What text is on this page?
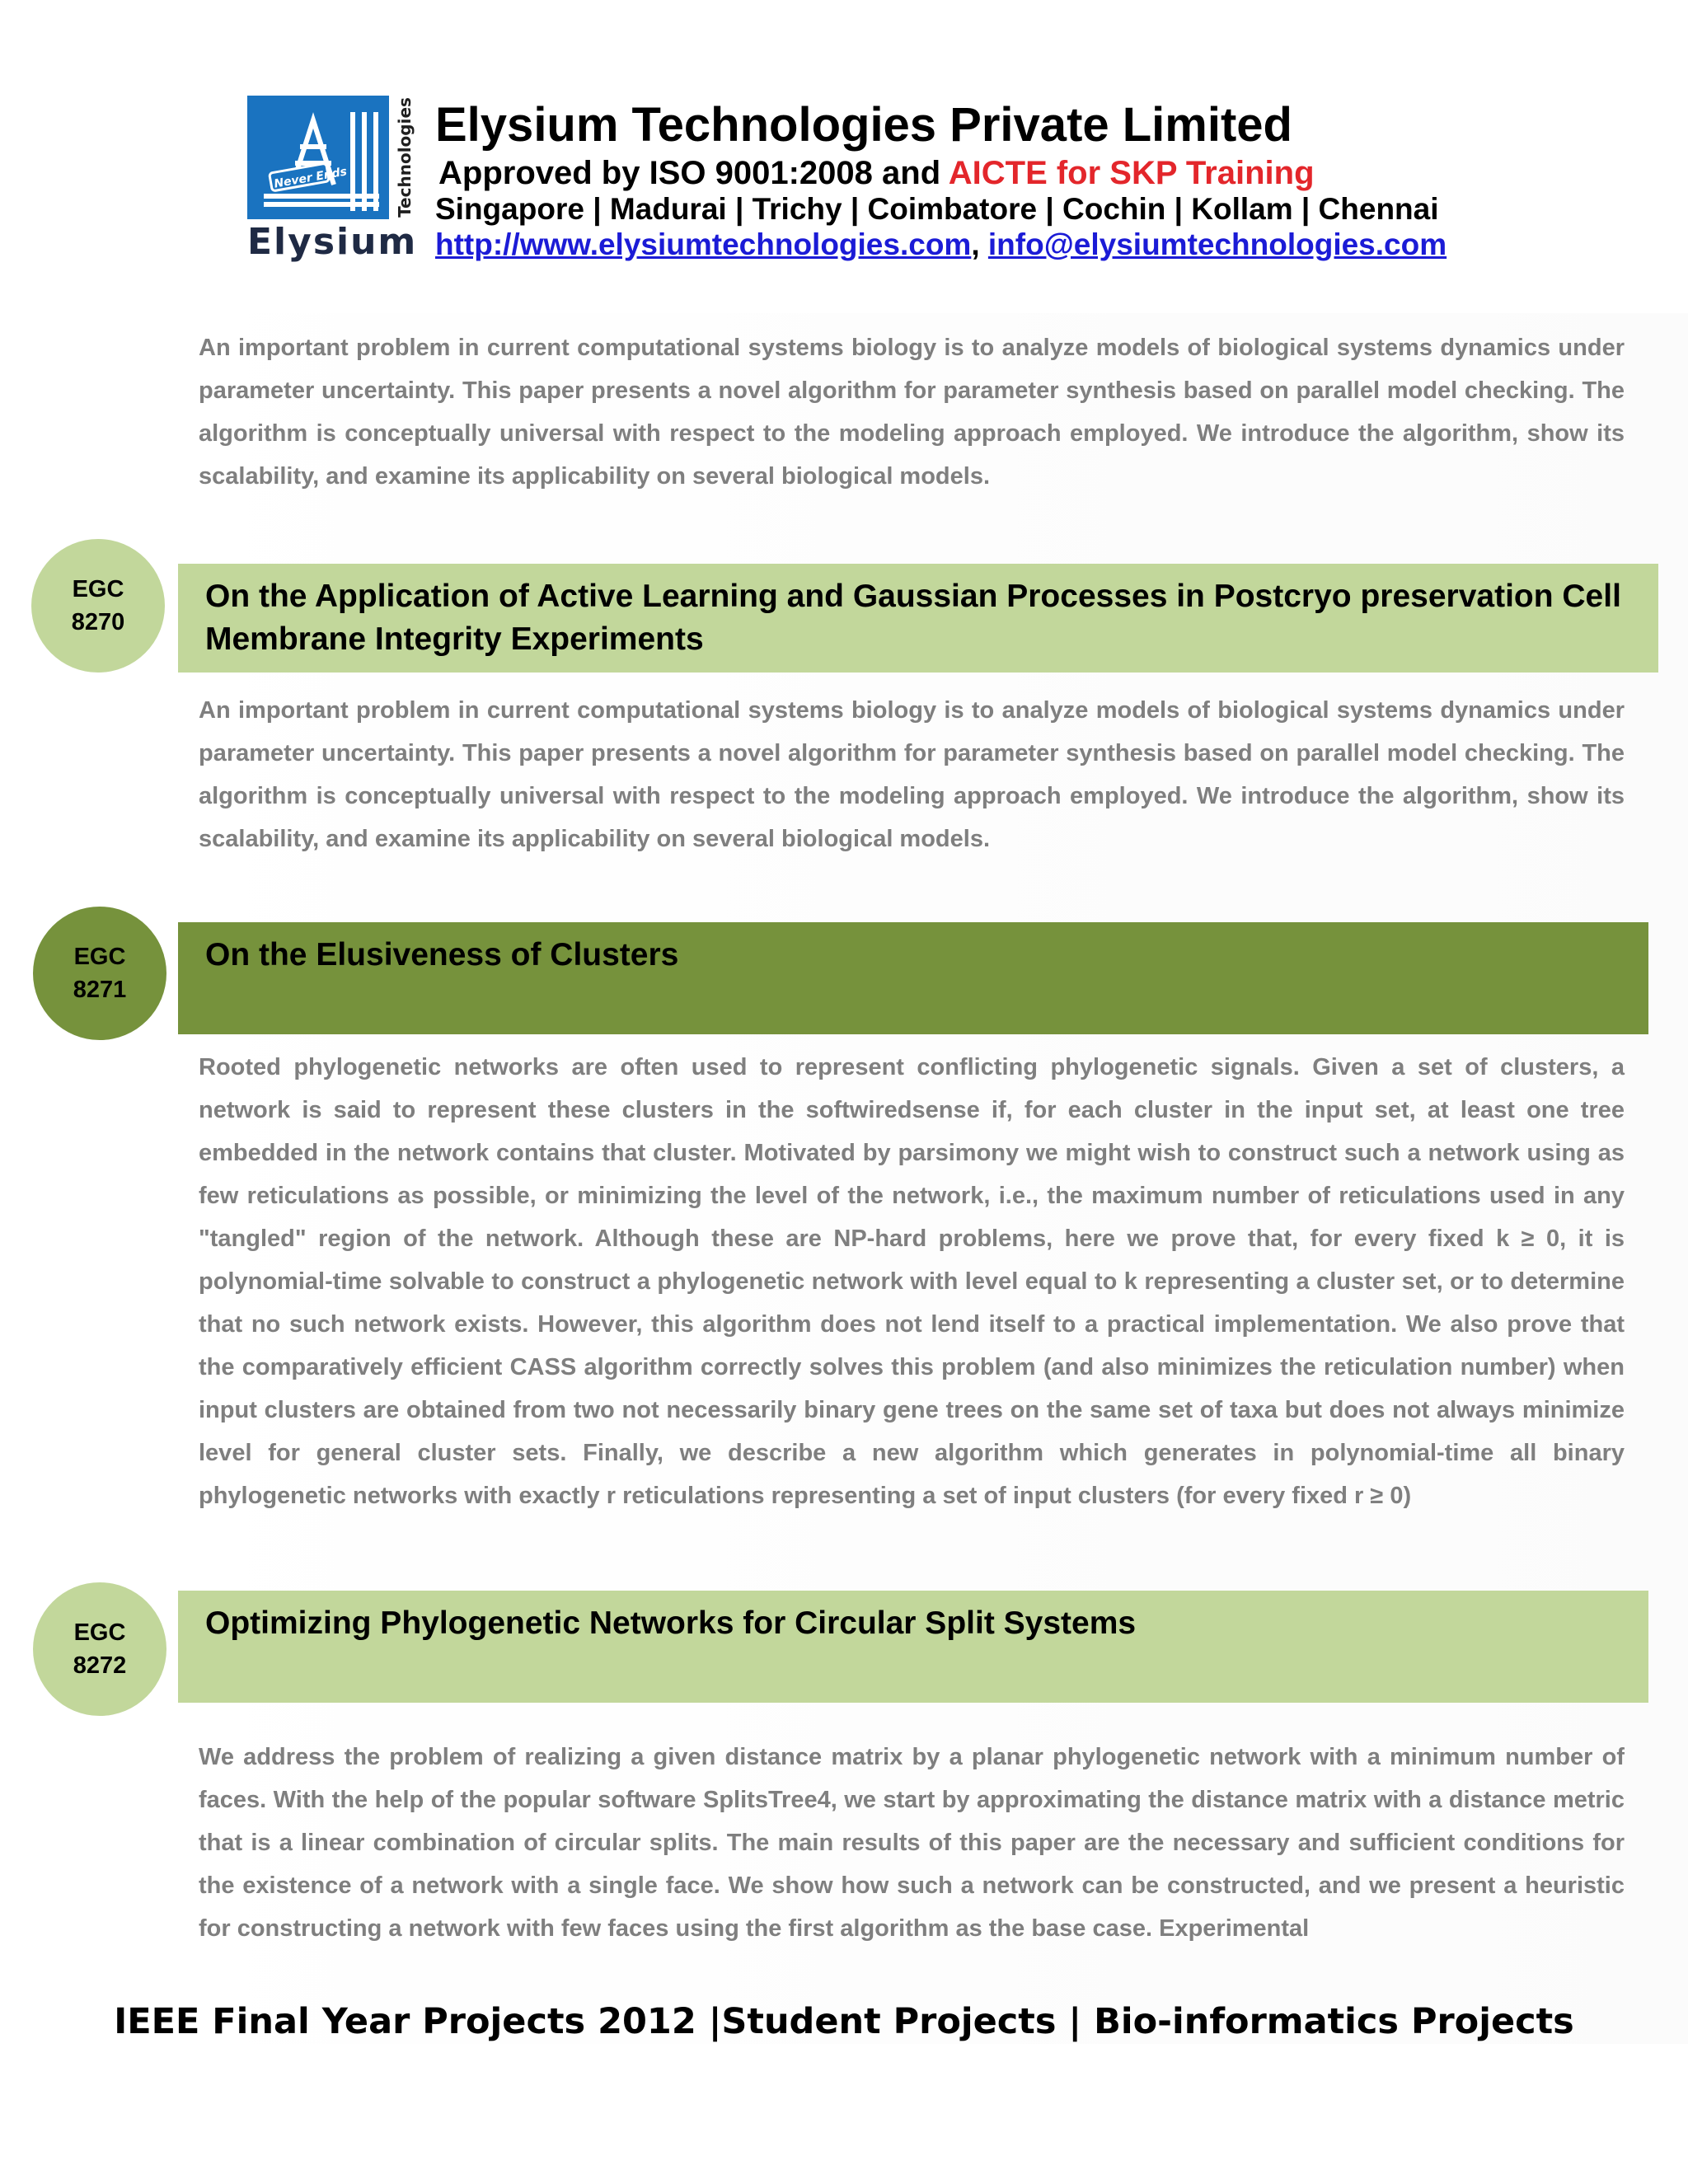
Never Ends	Technologies
Elysium
Elysium Technologies Private Limited
Approved by ISO 9001:2008 and AICTE for SKP Training
Singapore | Madurai | Trichy | Coimbatore | Cochin | Kollam | Chennai
http://www.elysiumtechnologies.com, info@elysiumtechnologies.com

An important problem in current computational systems biology is to analyze models of biological systems dynamics under parameter uncertainty. This paper presents a novel algorithm for parameter synthesis based on parallel model checking. The algorithm is conceptually universal with respect to the modeling approach employed. We introduce the algorithm, show its scalability, and examine its applicability on several biological models.

EGC
8270
On the Application of Active Learning and Gaussian Processes in Postcryo preservation Cell Membrane Integrity Experiments

An important problem in current computational systems biology is to analyze models of biological systems dynamics under parameter uncertainty. This paper presents a novel algorithm for parameter synthesis based on parallel model checking. The algorithm is conceptually universal with respect to the modeling approach employed. We introduce the algorithm, show its scalability, and examine its applicability on several biological models.

EGC
8271
On the Elusiveness of Clusters

Rooted phylogenetic networks are often used to represent conflicting phylogenetic signals. Given a set of clusters, a network is said to represent these clusters in the softwiredsense if, for each cluster in the input set, at least one tree embedded in the network contains that cluster. Motivated by parsimony we might wish to construct such a network using as few reticulations as possible, or minimizing the level of the network, i.e., the maximum number of reticulations used in any "tangled" region of the network. Although these are NP-hard problems, here we prove that, for every fixed k ≥ 0, it is polynomial-time solvable to construct a phylogenetic network with level equal to k representing a cluster set, or to determine that no such network exists. However, this algorithm does not lend itself to a practical implementation. We also prove that the comparatively efficient CASS algorithm correctly solves this problem (and also minimizes the reticulation number) when input clusters are obtained from two not necessarily binary gene trees on the same set of taxa but does not always minimize level for general cluster sets. Finally, we describe a new algorithm which generates in polynomial-time all binary phylogenetic networks with exactly r reticulations representing a set of input clusters (for every fixed r ≥ 0)

EGC
8272
Optimizing Phylogenetic Networks for Circular Split Systems

We address the problem of realizing a given distance matrix by a planar phylogenetic network with a minimum number of faces. With the help of the popular software SplitsTree4, we start by approximating the distance matrix with a distance metric that is a linear combination of circular splits. The main results of this paper are the necessary and sufficient conditions for the existence of a network with a single face. We show how such a network can be constructed, and we present a heuristic for constructing a network with few faces using the first algorithm as the base case. Experimental

IEEE Final Year Projects 2012 |Student Projects | Bio-informatics Projects
